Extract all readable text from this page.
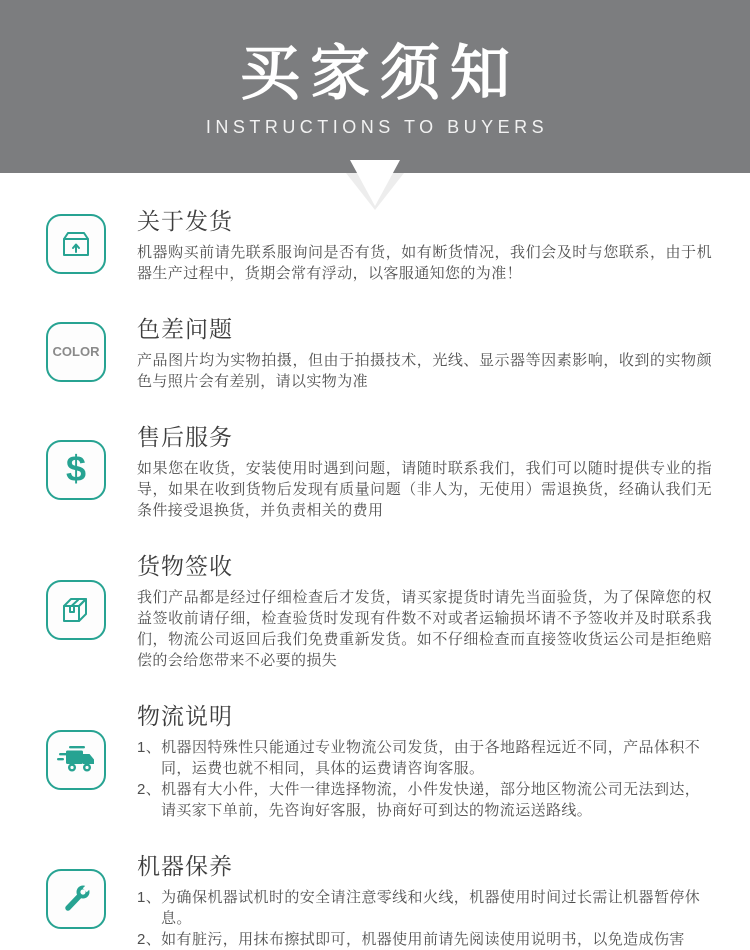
买家须知
INSTRUCTIONS TO BUYERS
关于发货
机器购买前请先联系服询问是否有货，如有断货情况，我们会及时与您联系，由于机器生产过程中，货期会常有浮动，以客服通知您的为准！
COLOR
色差问题
产品图片均为实物拍摄，但由于拍摄技术，光线、显示器等因素影响，收到的实物颜色与照片会有差别，请以实物为准
$
售后服务
如果您在收货，安装使用时遇到问题，请随时联系我们，我们可以随时提供专业的指导，如果在收到货物后发现有质量问题（非人为，无使用）需退换货，经确认我们无条件接受退换货，并负责相关的费用
货物签收
我们产品都是经过仔细检查后才发货，请买家提货时请先当面验货，为了保障您的权益签收前请仔细，检查验货时发现有件数不对或者运输损坏请不予签收并及时联系我们，物流公司返回后我们免费重新发货。如不仔细检查而直接签收货运公司是拒绝赔偿的会给您带来不必要的损失
物流说明
1、机器因特殊性只能通过专业物流公司发货，由于各地路程远近不同，产品体积不同，运费也就不相同，具体的运费请咨询客服。
2、机器有大小件，大件一律选择物流，小件发快递，部分地区物流公司无法到达，请买家下单前，先咨询好客服，协商好可到达的物流运送路线。
机器保养
1、为确保机器试机时的安全请注意零线和火线，机器使用时间过长需让机器暂停休息。
2、如有脏污，用抹布擦拭即可，机器使用前请先阅读使用说明书，以免造成伤害
